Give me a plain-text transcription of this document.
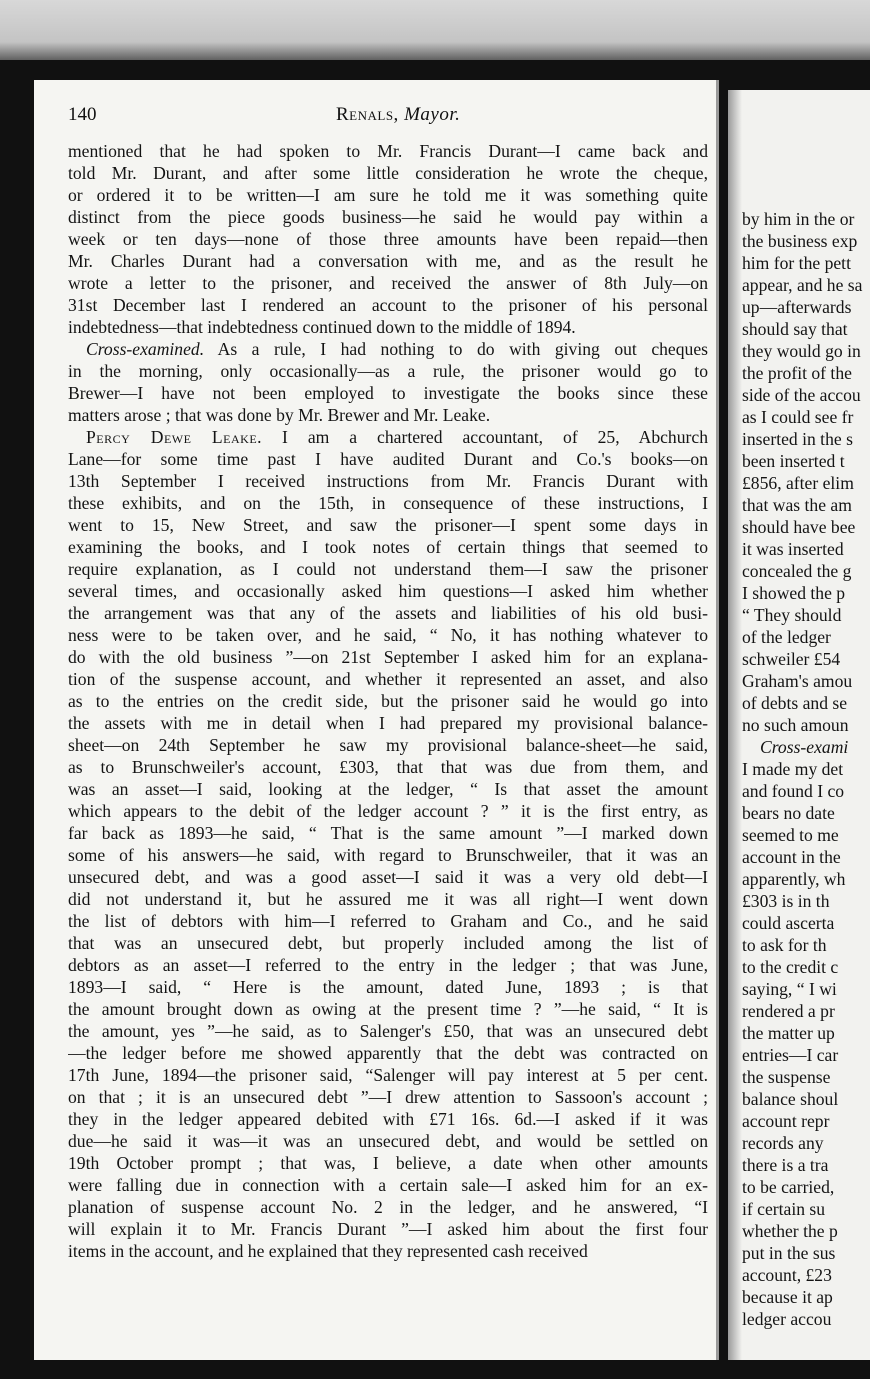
140	Renals, Mayor.
mentioned that he had spoken to Mr. Francis Durant—I came back and
told Mr. Durant, and after some little consideration he wrote the cheque,
or ordered it to be written—I am sure he told me it was something quite
distinct from the piece goods business—he said he would pay within a
week or ten days—none of those three amounts have been repaid—then
Mr. Charles Durant had a conversation with me, and as the result he
wrote a letter to the prisoner, and received the answer of 8th July—on
31st December last I rendered an account to the prisoner of his personal
indebtedness—that indebtedness continued down to the middle of 1894.
Cross-examined. As a rule, I had nothing to do with giving out cheques
in the morning, only occasionally—as a rule, the prisoner would go to
Brewer—I have not been employed to investigate the books since these
matters arose ; that was done by Mr. Brewer and Mr. Leake.
Percy Dewe Leake. I am a chartered accountant, of 25, Abchurch
Lane—for some time past I have audited Durant and Co.'s books—on
13th September I received instructions from Mr. Francis Durant with
these exhibits, and on the 15th, in consequence of these instructions, I
went to 15, New Street, and saw the prisoner—I spent some days in
examining the books, and I took notes of certain things that seemed to
require explanation, as I could not understand them—I saw the prisoner
several times, and occasionally asked him questions—I asked him whether
the arrangement was that any of the assets and liabilities of his old busi-
ness were to be taken over, and he said, “ No, it has nothing whatever to
do with the old business ”—on 21st September I asked him for an explana-
tion of the suspense account, and whether it represented an asset, and also
as to the entries on the credit side, but the prisoner said he would go into
the assets with me in detail when I had prepared my provisional balance-
sheet—on 24th September he saw my provisional balance-sheet—he said,
as to Brunschweiler's account, £303, that that was due from them, and
was an asset—I said, looking at the ledger, “ Is that asset the amount
which appears to the debit of the ledger account ? ” it is the first entry, as
far back as 1893—he said, “ That is the same amount ”—I marked down
some of his answers—he said, with regard to Brunschweiler, that it was an
unsecured debt, and was a good asset—I said it was a very old debt—I
did not understand it, but he assured me it was all right—I went down
the list of debtors with him—I referred to Graham and Co., and he said
that was an unsecured debt, but properly included among the list of
debtors as an asset—I referred to the entry in the ledger ; that was June,
1893—I said, “ Here is the amount, dated June, 1893 ; is that
the amount brought down as owing at the present time ? ”—he said, “ It is
the amount, yes ”—he said, as to Salenger's £50, that was an unsecured debt
—the ledger before me showed apparently that the debt was contracted on
17th June, 1894—the prisoner said, “Salenger will pay interest at 5 per cent.
on that ; it is an unsecured debt ”—I drew attention to Sassoon's account ;
they in the ledger appeared debited with £71 16s. 6d.—I asked if it was
due—he said it was—it was an unsecured debt, and would be settled on
19th October prompt ; that was, I believe, a date when other amounts
were falling due in connection with a certain sale—I asked him for an ex-
planation of suspense account No. 2 in the ledger, and he answered, “I
will explain it to Mr. Francis Durant ”—I asked him about the first four
items in the account, and he explained that they represented cash received
by him in the or
the business exp
him for the pett
appear, and he sa
up—afterwards
should say that
they would go in
the profit of the
side of the accou
as I could see fr
inserted in the s
been inserted t
£856, after elim
that was the am
should have bee
it was inserted
concealed the g
I showed the p
“ They should
of the ledger
schweiler £54
Graham's amou
of debts and se
no such amoun
Cross-exami
I made my det
and found I co
bears no date
seemed to me
account in the
apparently, wh
£303 is in th
could ascerta
to ask for th
to the credit c
saying, “ I wi
rendered a pr
the matter up
entries—I car
the suspense
balance shoul
account repr
records any
there is a tra
to be carried,
if certain su
whether the p
put in the sus
account, £23
because it ap
ledger accou
